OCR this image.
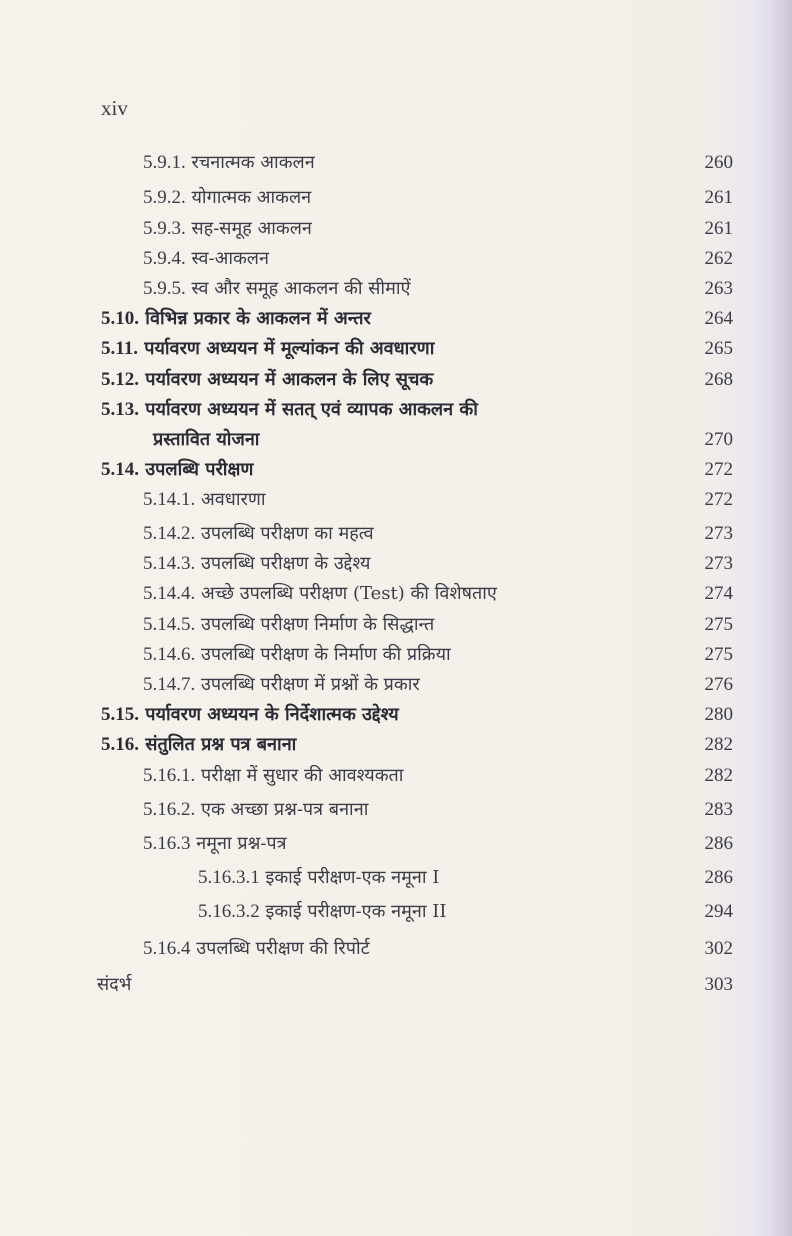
xiv
5.9.1. रचनात्मक आकलन	260
5.9.2. योगात्मक आकलन	261
5.9.3. सह-समूह आकलन	261
5.9.4. स्व-आकलन	262
5.9.5. स्व और समूह आकलन की सीमाऐं	263
5.10. विभिन्न प्रकार के आकलन में अन्तर	264
5.11. पर्यावरण अध्ययन में मूल्यांकन की अवधारणा	265
5.12. पर्यावरण अध्ययन में आकलन के लिए सूचक	268
5.13. पर्यावरण अध्ययन में सतत् एवं व्यापक आकलन की
प्रस्तावित योजना	270
5.14. उपलब्धि परीक्षण	272
5.14.1. अवधारणा	272
5.14.2. उपलब्धि परीक्षण का महत्व	273
5.14.3. उपलब्धि परीक्षण के उद्देश्य	273
5.14.4. अच्छे उपलब्धि परीक्षण (Test) की विशेषताए	274
5.14.5. उपलब्धि परीक्षण निर्माण के सिद्धान्त	275
5.14.6. उपलब्धि परीक्षण के निर्माण की प्रक्रिया	275
5.14.7. उपलब्धि परीक्षण में प्रश्नों के प्रकार	276
5.15. पर्यावरण अध्ययन के निर्देशात्मक उद्देश्य	280
5.16. संतुलित प्रश्न पत्र बनाना	282
5.16.1. परीक्षा में सुधार की आवश्यकता	282
5.16.2. एक अच्छा प्रश्न-पत्र बनाना	283
5.16.3 नमूना प्रश्न-पत्र	286
5.16.3.1 इकाई परीक्षण-एक नमूना I	286
5.16.3.2 इकाई परीक्षण-एक नमूना II	294
5.16.4 उपलब्धि परीक्षण की रिपोर्ट	302
संदर्भ	303
